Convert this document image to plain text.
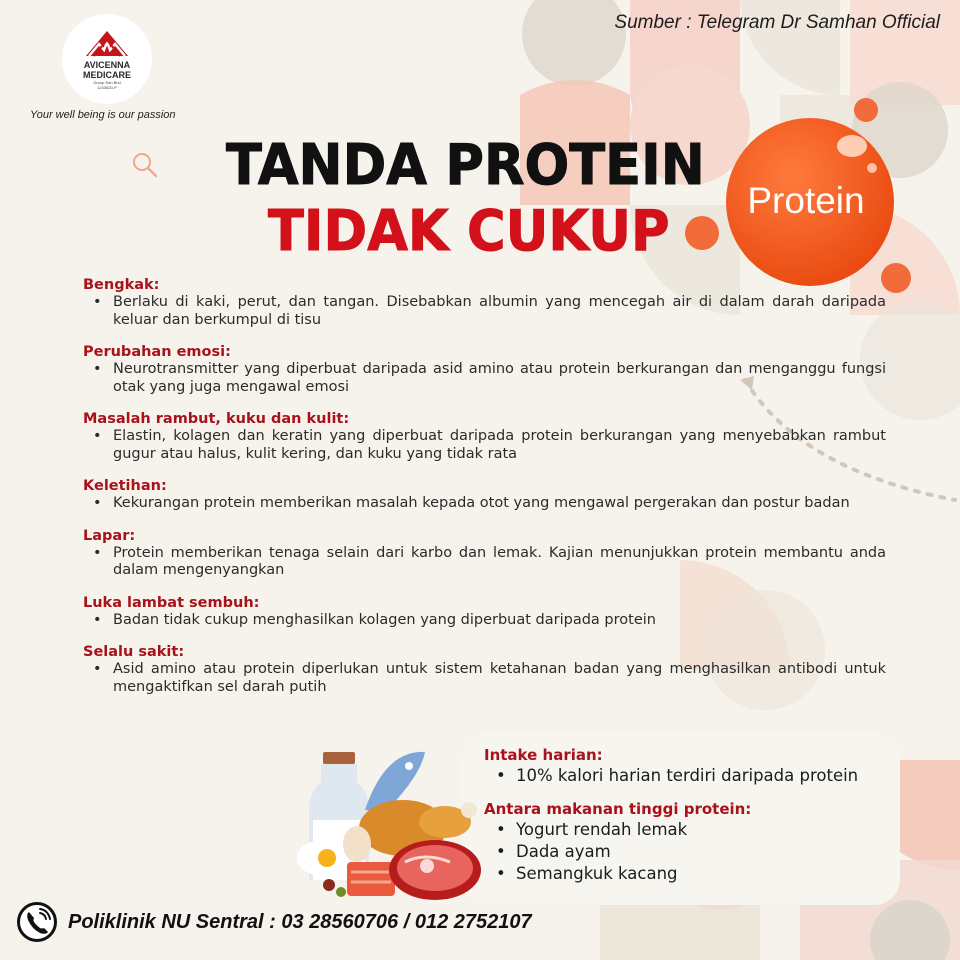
Sumber : Telegram Dr Samhan Official
AVICENNA
MEDICARE
Group Sdn Bhd
1243820-P
Your well being is our passion
TANDA PROTEIN
TIDAK CUKUP	Protein
Bengkak:
• Berlaku di kaki, perut, dan tangan. Disebabkan albumin yang mencegah air di dalam darah daripada keluar dan berkumpul di tisu
Perubahan emosi:
• Neurotransmitter yang diperbuat daripada asid amino atau protein berkurangan dan menganggu fungsi otak yang juga mengawal emosi
Masalah rambut, kuku dan kulit:
• Elastin, kolagen dan keratin yang diperbuat daripada protein berkurangan yang menyebabkan rambut gugur atau halus, kulit kering, dan kuku yang tidak rata
Keletihan:
• Kekurangan protein memberikan masalah kepada otot yang mengawal pergerakan dan postur badan
Lapar:
• Protein memberikan tenaga selain dari karbo dan lemak. Kajian menunjukkan protein membantu anda dalam mengenyangkan
Luka lambat sembuh:
• Badan tidak cukup menghasilkan kolagen yang diperbuat daripada protein
Selalu sakit:
• Asid amino atau protein diperlukan untuk sistem ketahanan badan yang menghasilkan antibodi untuk mengaktifkan sel darah putih
Intake harian:
• 10% kalori harian terdiri daripada protein
Antara makanan tinggi protein:
• Yogurt rendah lemak
• Dada ayam
• Semangkuk kacang
Poliklinik NU Sentral : 03 28560706 / 012 2752107
